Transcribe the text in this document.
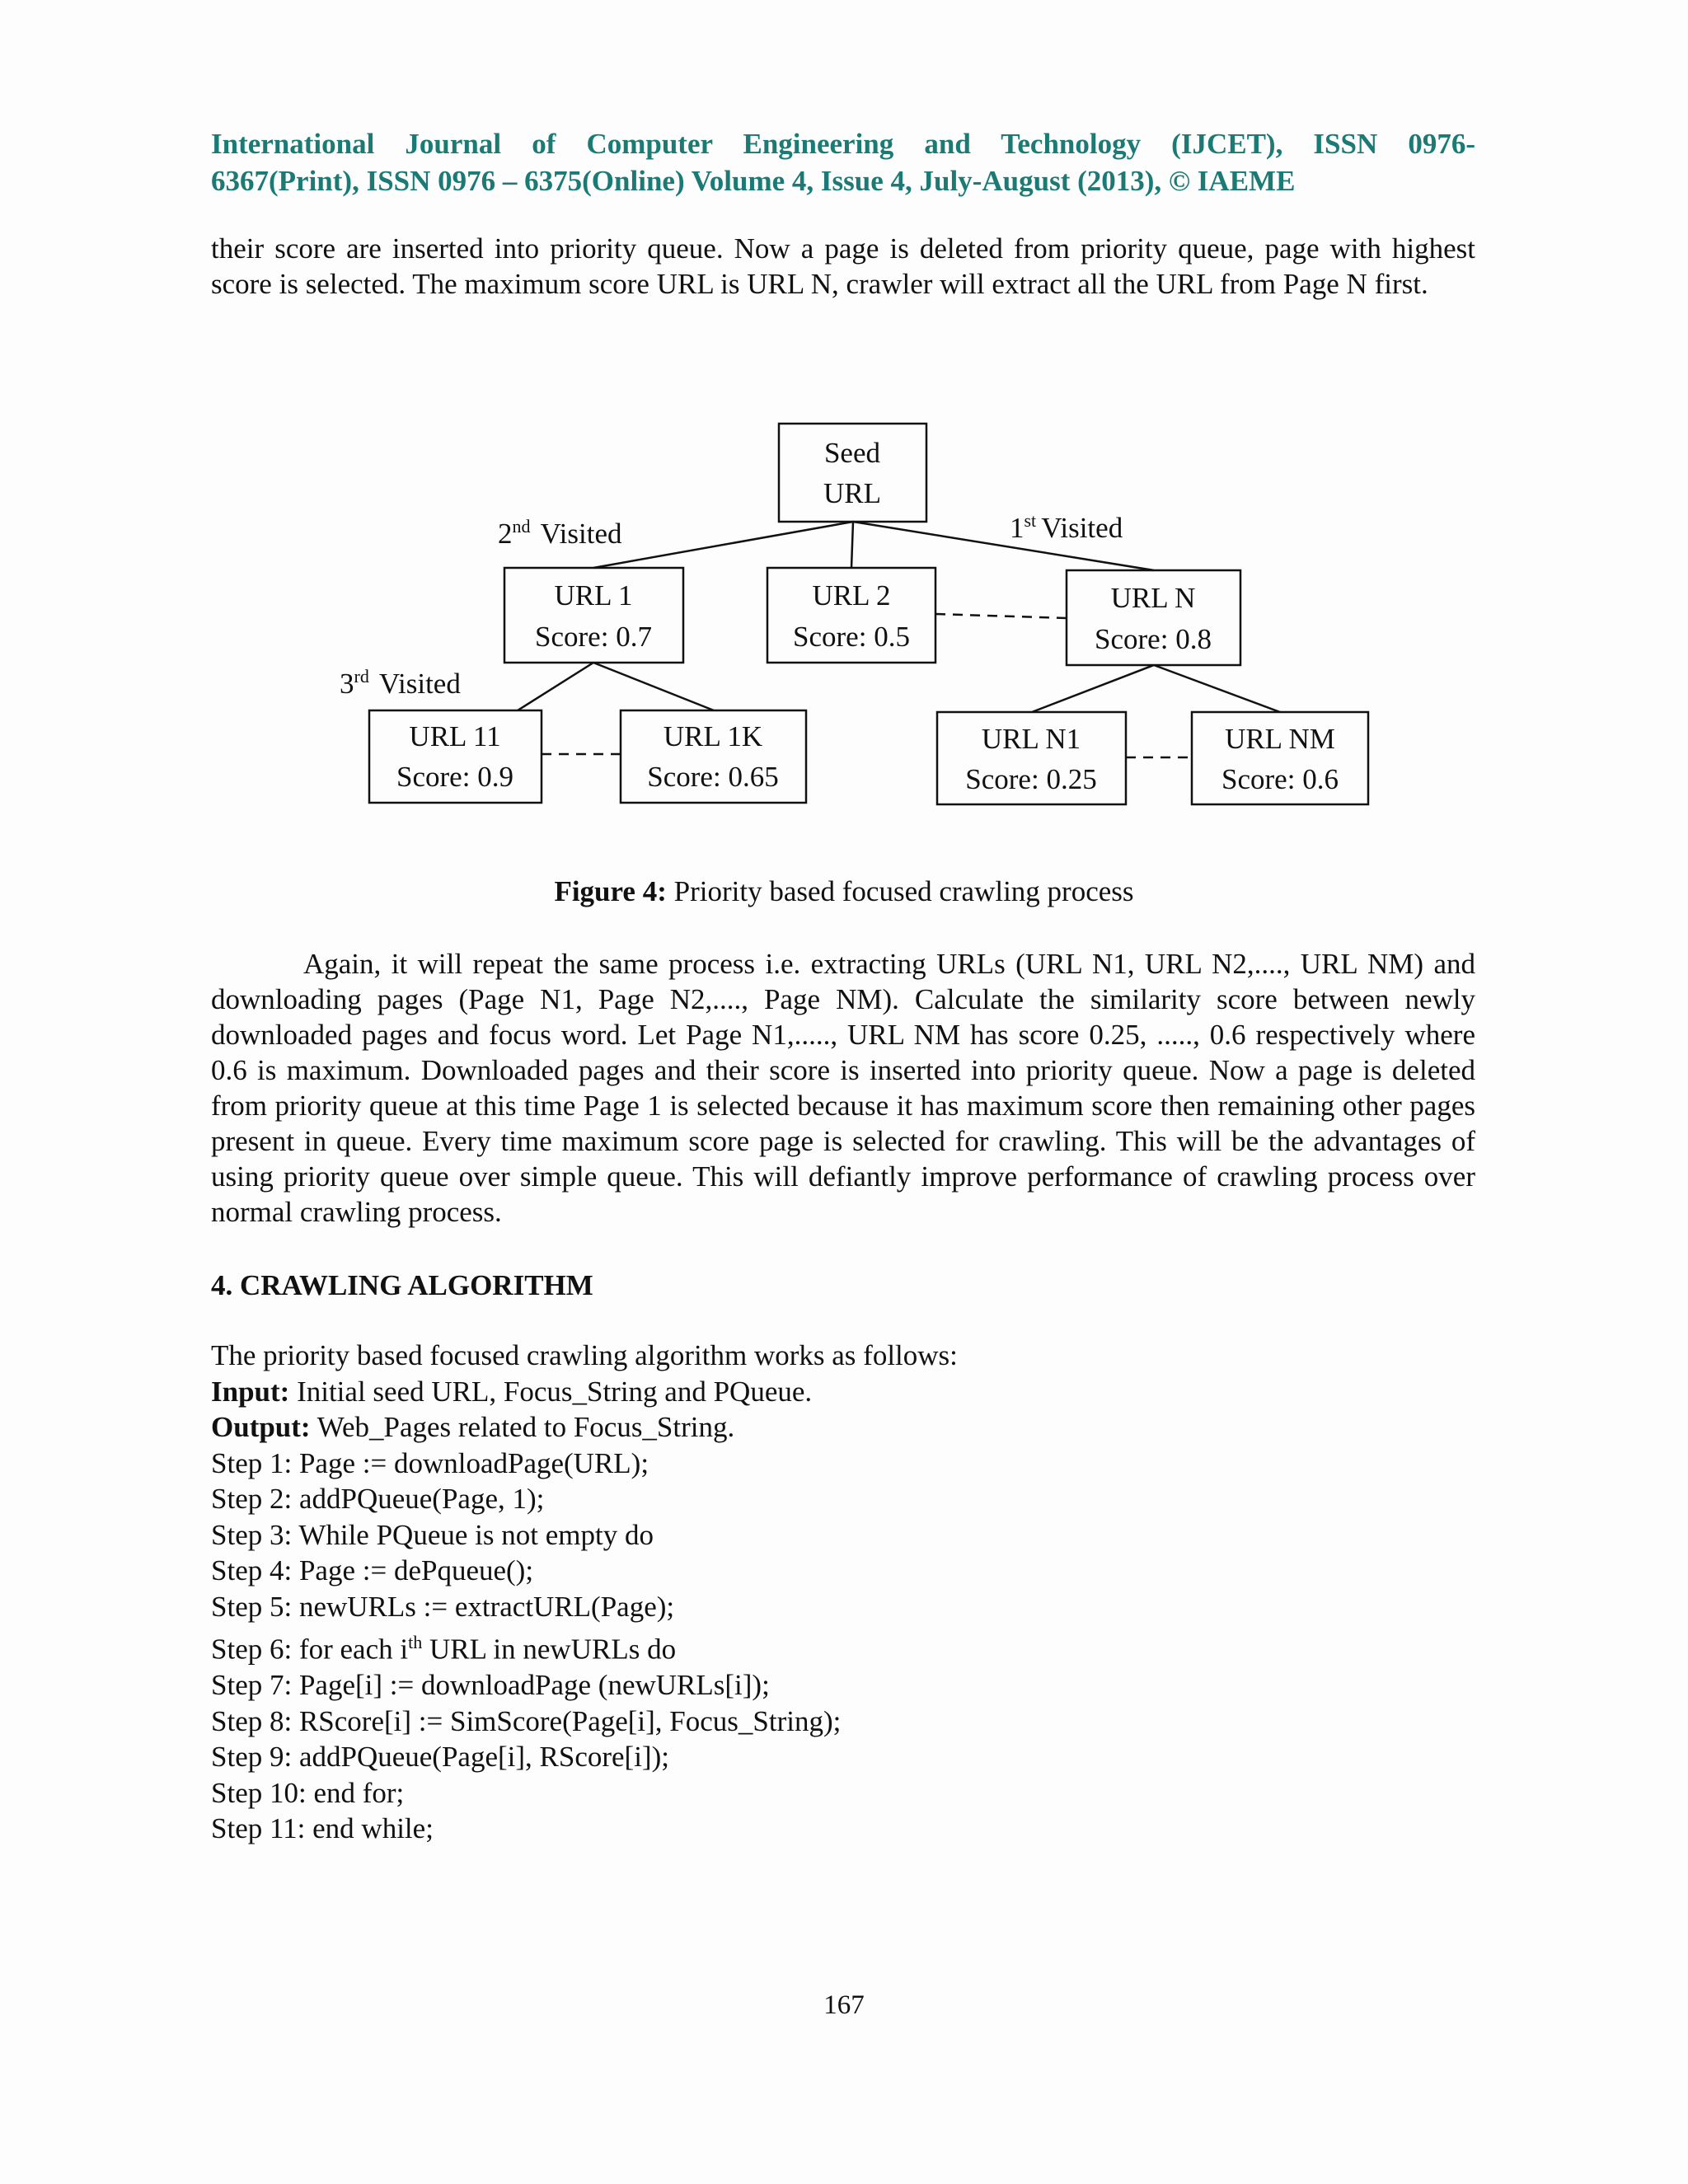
International Journal of Computer Engineering and Technology (IJCET), ISSN 0976-
6367(Print), ISSN 0976 – 6375(Online) Volume 4, Issue 4, July-August (2013), © IAEME
their score are inserted into priority queue. Now a page is deleted from priority queue, page with highest score is selected. The maximum score URL is URL N, crawler will extract all the URL from Page N first.
Seed
URL
URL 1
Score: 0.7
URL 2
Score: 0.5
URL N
Score: 0.8
URL 11
Score: 0.9
URL 1K
Score: 0.65
URL N1
Score: 0.25
URL NM
Score: 0.6
2nd Visited	1st Visited
3rd Visited
Figure 4: Priority based focused crawling process
Again, it will repeat the same process i.e. extracting URLs (URL N1, URL N2,...., URL NM) and downloading pages (Page N1, Page N2,...., Page NM). Calculate the similarity score between newly downloaded pages and focus word. Let Page N1,....., URL NM has score 0.25, ....., 0.6 respectively where 0.6 is maximum. Downloaded pages and their score is inserted into priority queue. Now a page is deleted from priority queue at this time Page 1 is selected because it has maximum score then remaining other pages present in queue. Every time maximum score page is selected for crawling. This will be the advantages of using priority queue over simple queue. This will defiantly improve performance of crawling process over normal crawling process.
4. CRAWLING ALGORITHM
The priority based focused crawling algorithm works as follows:
Input: Initial seed URL, Focus_String and PQueue.
Output: Web_Pages related to Focus_String.
Step 1: Page := downloadPage(URL);
Step 2: addPQueue(Page, 1);
Step 3: While PQueue is not empty do
Step 4: Page := dePqueue();
Step 5: newURLs := extractURL(Page);
Step 6: for each $i^{th}$ URL in newURLs do
Step 7: Page[i] := downloadPage (newURLs[i]);
Step 8: RScore[i] := SimScore(Page[i], Focus_String);
Step 9: addPQueue(Page[i], RScore[i]);
Step 10: end for;
Step 11: end while;
167
